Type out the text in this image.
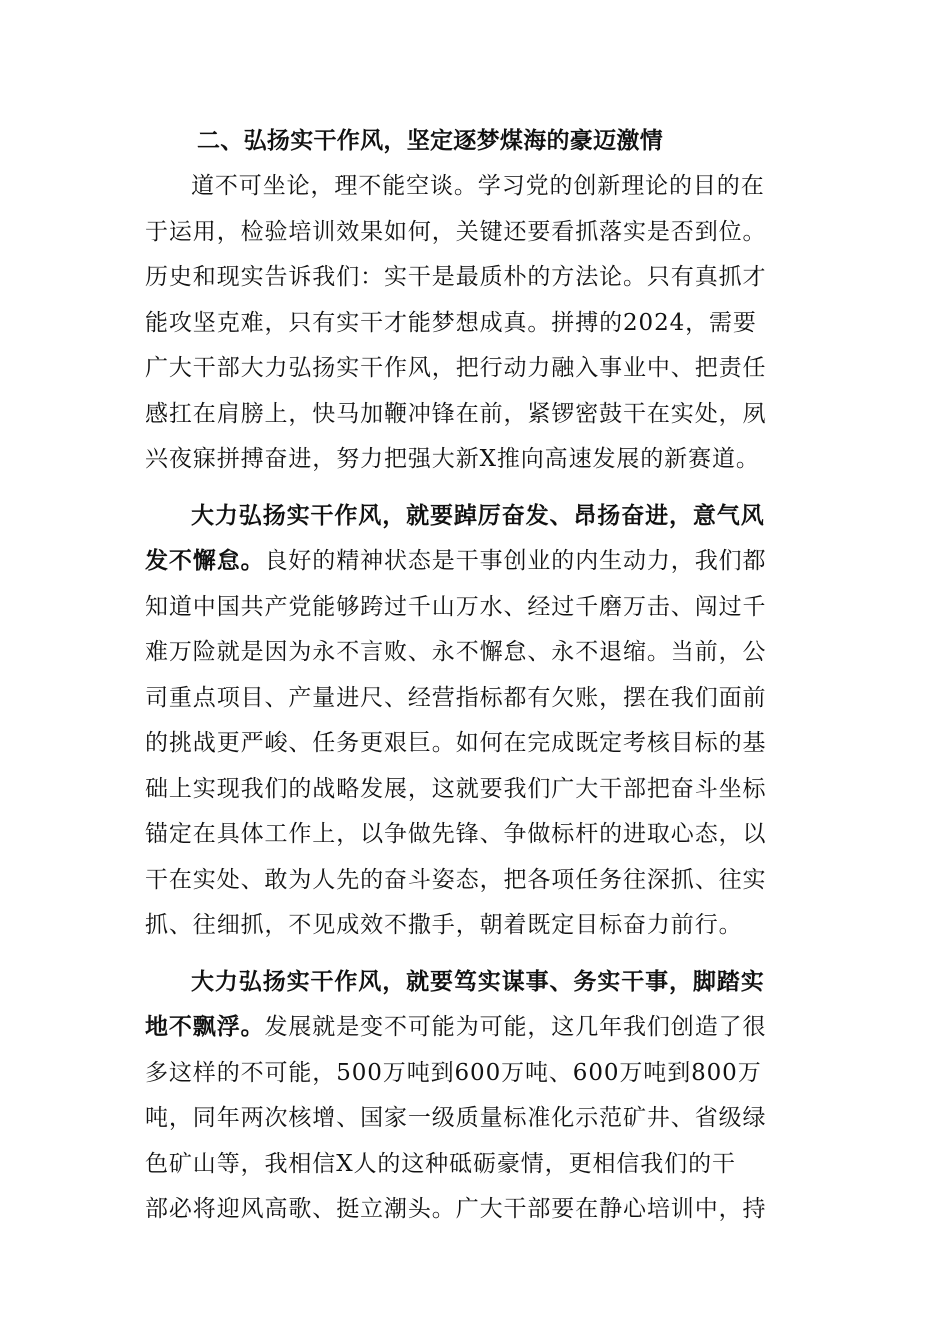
二、弘扬实干作风，坚定逐梦煤海的豪迈激情
道不可坐论，理不能空谈。学习党的创新理论的目的在
于运用，检验培训效果如何，关键还要看抓落实是否到位。
历史和现实告诉我们：实干是最质朴的方法论。只有真抓才
能攻坚克难，只有实干才能梦想成真。拼搏的2024，需要
广大干部大力弘扬实干作风，把行动力融入事业中、把责任
感扛在肩膀上，快马加鞭冲锋在前，紧锣密鼓干在实处，夙
兴夜寐拼搏奋进，努力把强大新X推向高速发展的新赛道。
大力弘扬实干作风，就要踔厉奋发、昂扬奋进，意气风
发不懈怠。良好的精神状态是干事创业的内生动力，我们都
知道中国共产党能够跨过千山万水、经过千磨万击、闯过千
难万险就是因为永不言败、永不懈怠、永不退缩。当前，公
司重点项目、产量进尺、经营指标都有欠账，摆在我们面前
的挑战更严峻、任务更艰巨。如何在完成既定考核目标的基
础上实现我们的战略发展，这就要我们广大干部把奋斗坐标
锚定在具体工作上，以争做先锋、争做标杆的进取心态，以
干在实处、敢为人先的奋斗姿态，把各项任务往深抓、往实
抓、往细抓，不见成效不撒手，朝着既定目标奋力前行。
大力弘扬实干作风，就要笃实谋事、务实干事，脚踏实
地不飘浮。发展就是变不可能为可能，这几年我们创造了很
多这样的不可能，500万吨到600万吨、600万吨到800万
吨，同年两次核增、国家一级质量标准化示范矿井、省级绿
色矿山等，我相信X人的这种砥砺豪情，更相信我们的干
部必将迎风高歌、挺立潮头。广大干部要在静心培训中，持
